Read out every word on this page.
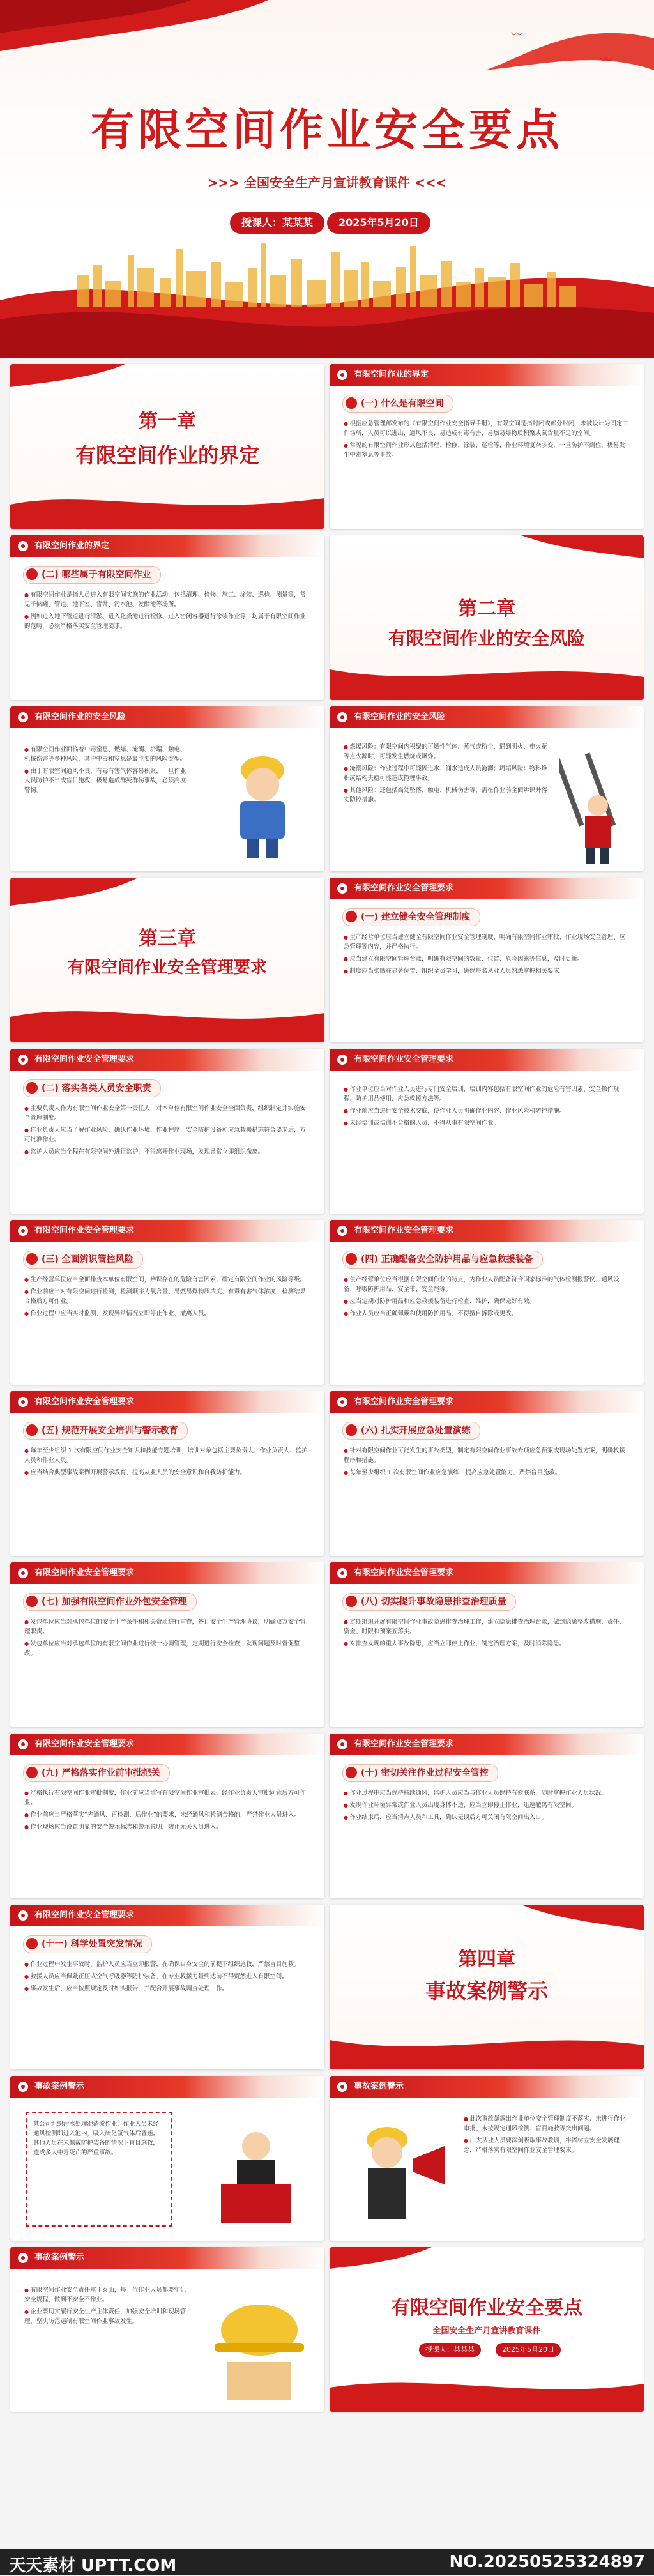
〰
〰
有限空间作业安全要点
>>> 全国安全生产月宣讲教育课件 <<<
授课人：某某某	2025年5月20日
第一章
有限空间作业的界定
有限空间作业的界定
(一) 什么是有限空间

● 根据应急管理部发布的《有限空间作业安全指导手册》，有限空间是指封闭或部分封闭，未被设计为固定工作场所，人员可以进出，通风不良，易造成有毒有害、易燃易爆物质积聚或氧含量不足的空间。

● 常见的有限空间作业形式包括清理、检修、涂装、巡检等，作业环境复杂多变，一旦防护不到位，极易发生中毒窒息等事故。

有限空间作业的界定
(二) 哪些属于有限空间作业

● 有限空间作业是指人员进入有限空间实施的作业活动，包括清理、检修、施工、涂装、巡检、测量等，常见于储罐、管道、地下室、窨井、污水池、发酵池等场所。

● 例如进入地下管道进行清淤、进入化粪池进行检修、进入密闭容器进行涂装作业等，均属于有限空间作业的范畴，必须严格落实安全管理要求。

第二章
有限空间作业的安全风险
有限空间作业的安全风险

● 有限空间作业面临着中毒窒息、燃爆、淹溺、坍塌、触电、机械伤害等多种风险，其中中毒和窒息是最主要的风险类型。

● 由于有限空间通风不良，有毒有害气体容易积聚，一旦作业人员防护不当或盲目施救，极易造成群死群伤事故，必须高度警惕。

有限空间作业的安全风险

● 燃爆风险：有限空间内积聚的可燃性气体、蒸气或粉尘，遇到明火、电火花等点火源时，可能发生燃烧或爆炸。

● 淹溺风险：作业过程中可能因进水、涌水造成人员淹溺；坍塌风险：物料堆积或结构失稳可能造成掩埋事故。

● 其他风险：还包括高处坠落、触电、机械伤害等，需在作业前全面辨识并落实防控措施。

第三章
有限空间作业安全管理要求
有限空间作业安全管理要求
(一) 建立健全安全管理制度

● 生产经营单位应当建立健全有限空间作业安全管理制度，明确有限空间作业审批、作业现场安全管理、应急管理等内容，并严格执行。

● 应当建立有限空间管理台账，明确有限空间的数量、位置、危险因素等信息，及时更新。

● 制度应当张贴在显著位置，组织全员学习，确保每名从业人员熟悉掌握相关要求。

有限空间作业安全管理要求
(二) 落实各类人员安全职责

● 主要负责人作为有限空间作业安全第一责任人，对本单位有限空间作业安全全面负责，组织制定并实施安全管理制度。

● 作业负责人应当了解作业风险，确认作业环境、作业程序、安全防护设备和应急救援措施符合要求后，方可批准作业。

● 监护人员应当全程在有限空间外进行监护，不得离开作业现场，发现异常立即组织撤离。

有限空间作业安全管理要求

● 作业单位应当对作业人员进行专门安全培训，培训内容包括有限空间作业的危险有害因素、安全操作规程、防护用品使用、应急救援方法等。

● 作业前应当进行安全技术交底，使作业人员明确作业内容、作业风险和防控措施。

● 未经培训或培训不合格的人员，不得从事有限空间作业。

有限空间作业安全管理要求
(三) 全面辨识管控风险

● 生产经营单位应当全面排查本单位有限空间，辨识存在的危险有害因素，确定有限空间作业的风险等级。

● 作业前应当对有限空间进行检测，检测顺序为氧含量、易燃易爆物质浓度、有毒有害气体浓度，检测结果合格后方可作业。

● 作业过程中应当实时监测，发现异常情况立即停止作业、撤离人员。

有限空间作业安全管理要求
(四) 正确配备安全防护用品与应急救援装备

● 生产经营单位应当根据有限空间作业的特点，为作业人员配备符合国家标准的气体检测报警仪、通风设备、呼吸防护用品、安全带、安全绳等。

● 应当定期对防护用品和应急救援装备进行检查、维护，确保完好有效。

● 作业人员应当正确佩戴和使用防护用品，不得擅自拆除或更改。

有限空间作业安全管理要求
(五) 规范开展安全培训与警示教育

● 每年至少组织 1 次有限空间作业安全知识和技能专题培训，培训对象包括主要负责人、作业负责人、监护人员和作业人员。

● 应当结合典型事故案例开展警示教育，提高从业人员的安全意识和自我防护能力。

有限空间作业安全管理要求
(六) 扎实开展应急处置演练

● 针对有限空间作业可能发生的事故类型，制定有限空间作业事故专项应急预案或现场处置方案，明确救援程序和措施。

● 每年至少组织 1 次有限空间作业应急演练，提高应急处置能力，严禁盲目施救。

有限空间作业安全管理要求
(七) 加强有限空间作业外包安全管理

● 发包单位应当对承包单位的安全生产条件和相关资质进行审查，签订安全生产管理协议，明确双方安全管理职责。

● 发包单位应当对承包单位的有限空间作业进行统一协调管理，定期进行安全检查，发现问题及时督促整改。

有限空间作业安全管理要求
(八) 切实提升事故隐患排查治理质量

● 定期组织开展有限空间作业事故隐患排查治理工作，建立隐患排查治理台账，做到隐患整改措施、责任、资金、时限和预案五落实。

● 对排查发现的重大事故隐患，应当立即停止作业，制定治理方案，及时消除隐患。

有限空间作业安全管理要求
(九) 严格落实作业前审批把关

● 严格执行有限空间作业审批制度，作业前应当填写有限空间作业审批表，经作业负责人审批同意后方可作业。

● 作业前应当严格落实“先通风、再检测、后作业”的要求，未经通风和检测合格的，严禁作业人员进入。

● 作业现场应当设置明显的安全警示标志和警示说明，防止无关人员进入。

有限空间作业安全管理要求
(十) 密切关注作业过程安全管控

● 作业过程中应当保持持续通风，监护人员应当与作业人员保持有效联系，随时掌握作业人员状况。

● 发现作业环境异常或作业人员出现身体不适，应当立即停止作业，迅速撤离有限空间。

● 作业结束后，应当清点人员和工具，确认无误后方可关闭有限空间出入口。

有限空间作业安全管理要求
(十一) 科学处置突发情况

● 作业过程中发生事故时，监护人员应当立即报警，在确保自身安全的前提下组织施救，严禁盲目施救。

● 救援人员应当佩戴正压式空气呼吸器等防护装备，在专业救援力量到达前不得贸然进入有限空间。

● 事故发生后，应当按照规定及时如实报告，并配合开展事故调查处理工作。

第四章
事故案例警示
事故案例警示
某公司组织污水处理池清淤作业，作业人员未经通风检测即进入池内，吸入硫化氢气体后昏迷。其他人员在未佩戴防护装备的情况下盲目施救，造成多人中毒死亡的严重事故。
事故案例警示

● 此次事故暴露出作业单位安全管理制度不落实、未进行作业审批、未按规定通风检测、盲目施救等突出问题。

● 广大从业人员要深刻吸取事故教训，牢固树立安全发展理念，严格落实有限空间作业安全管理要求。

事故案例警示

● 有限空间作业安全责任重于泰山，每一位作业人员都要牢记安全规程，做到不安全不作业。

● 企业要切实履行安全生产主体责任，加强安全培训和现场管理，坚决防范遏制有限空间作业事故发生。

有限空间作业安全要点
全国安全生产月宣讲教育课件
授课人：某某某	2025年5月20日
天天素材 UPTT.COM	NO.20250525324897
